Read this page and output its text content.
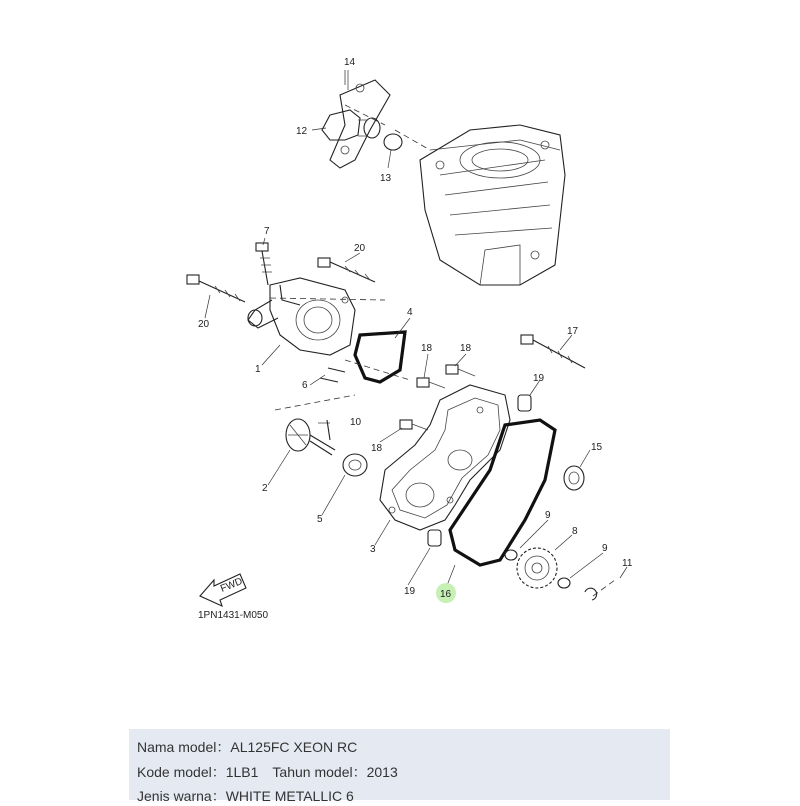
14
12
13
7
20
20
4
17
18	18
1
6
19
10
18	15
2
9
5
8
3	9
11
19 16
FWD
1PN1431-M050
Nama model：AL125FC XEON RC
Kode model：1LB1 Tahun model：2013
Jenis warna：WHITE METALLIC 6
